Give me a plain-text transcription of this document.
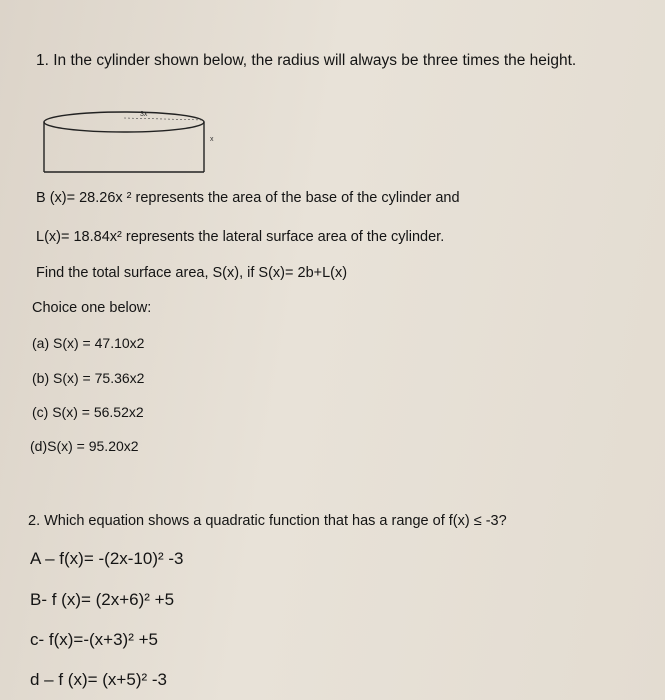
1. In the cylinder shown below, the radius will always be three times the height.
3x
x
B (x)= 28.26x ² represents the area of the base of the cylinder and
L(x)= 18.84x² represents the lateral surface area of the cylinder.
Find the total surface area, S(x), if S(x)= 2b+L(x)
Choice one below:
(a) S(x) = 47.10x2
(b) S(x) = 75.36x2
(c) S(x) = 56.52x2
(d)S(x) = 95.20x2
2. Which equation shows a quadratic function that has a range of f(x) ≤ -3?
A – f(x)= -(2x-10)² -3
B- f (x)= (2x+6)² +5
c- f(x)=-(x+3)² +5
d – f (x)= (x+5)² -3
